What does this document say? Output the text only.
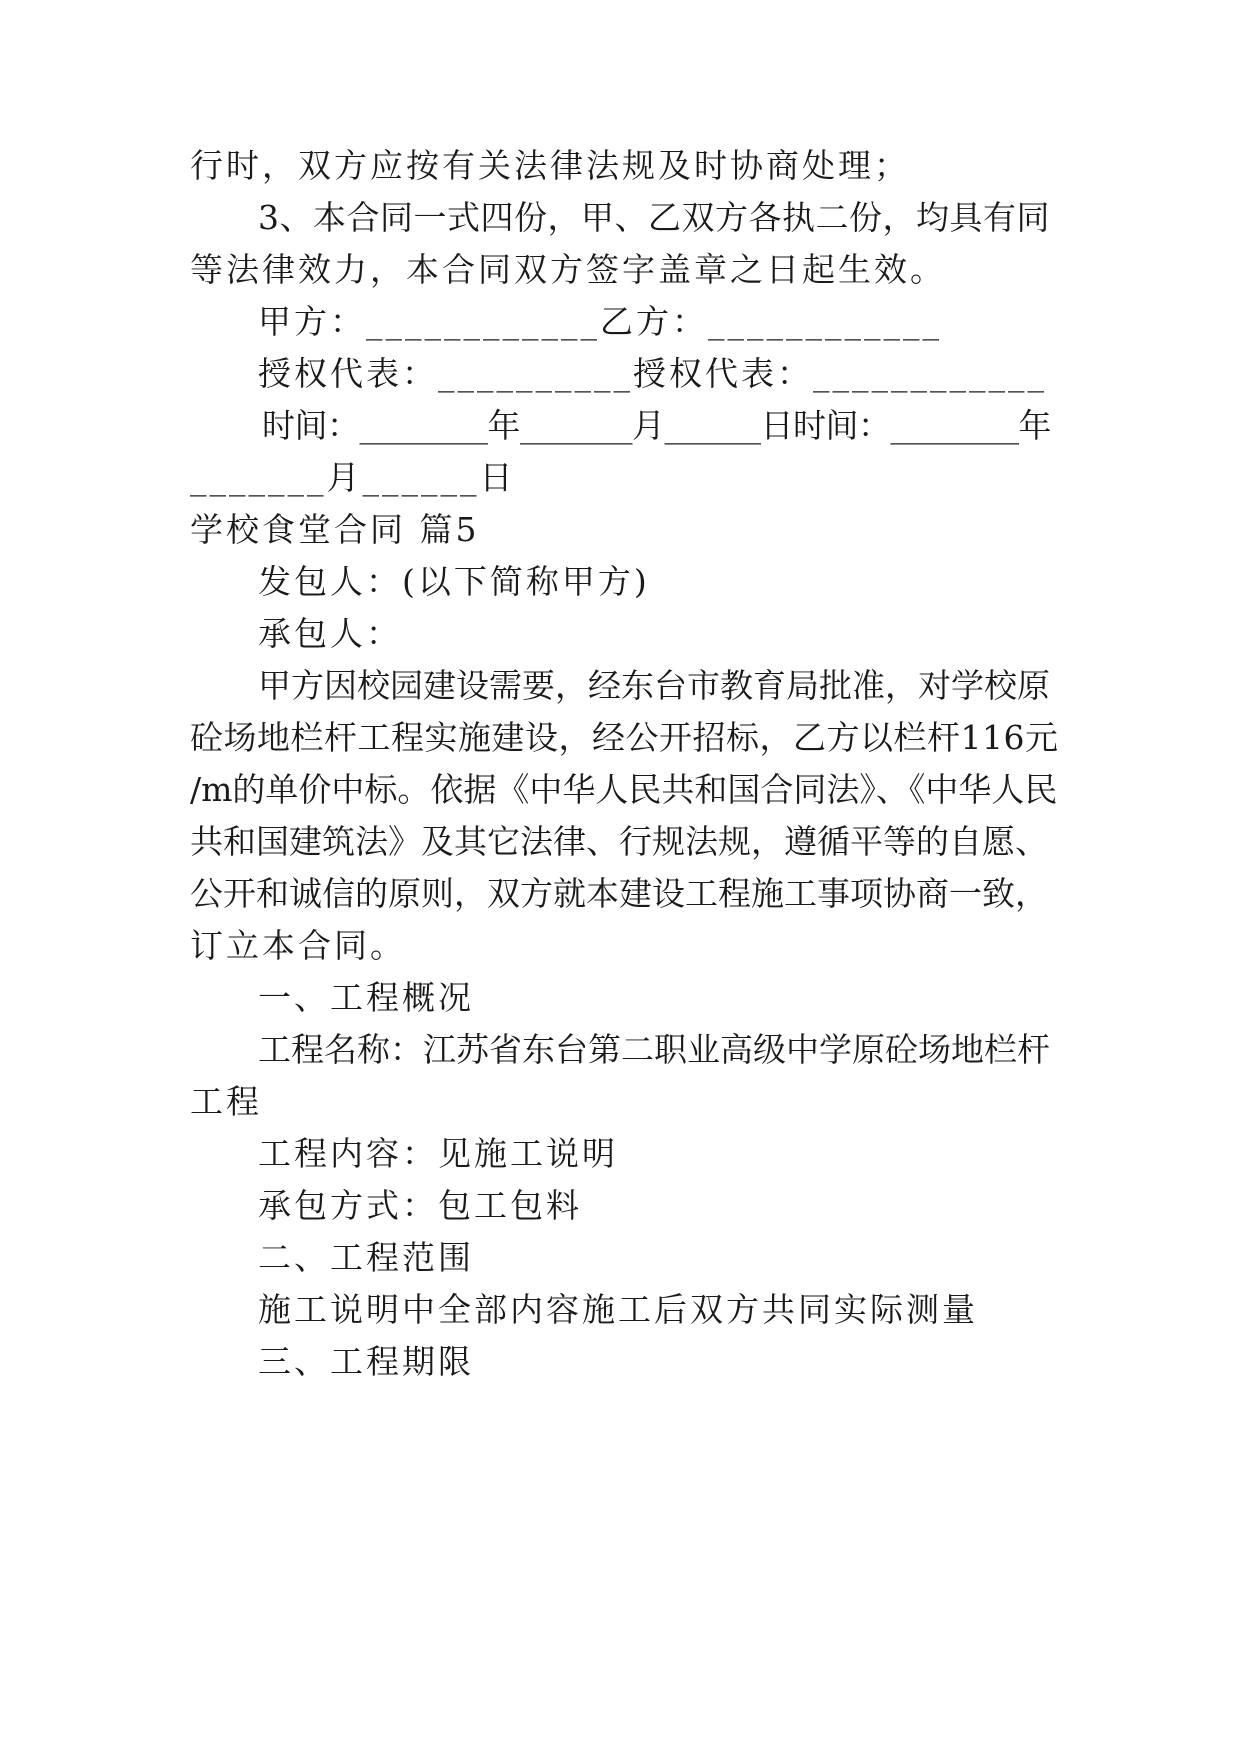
行时，双方应按有关法律法规及时协商处理；
3、本合同一式四份，甲、乙双方各执二份，均具有同
等法律效力，本合同双方签字盖章之日起生效。
甲方：____________乙方：____________
授权代表：__________授权代表：____________
时间：________年_______月______日时间：________年
_______月______日
学校食堂合同 篇5
发包人：(以下简称甲方)
承包人：
甲方因校园建设需要，经东台市教育局批准，对学校原
砼场地栏杆工程实施建设，经公开招标，乙方以栏杆116元
/m的单价中标。依据《中华人民共和国合同法》、《中华人民
共和国建筑法》及其它法律、行规法规，遵循平等的自愿、
公开和诚信的原则，双方就本建设工程施工事项协商一致，
订立本合同。
一、工程概况
工程名称：江苏省东台第二职业高级中学原砼场地栏杆
工程
工程内容：见施工说明
承包方式：包工包料
二、工程范围
施工说明中全部内容施工后双方共同实际测量
三、工程期限
